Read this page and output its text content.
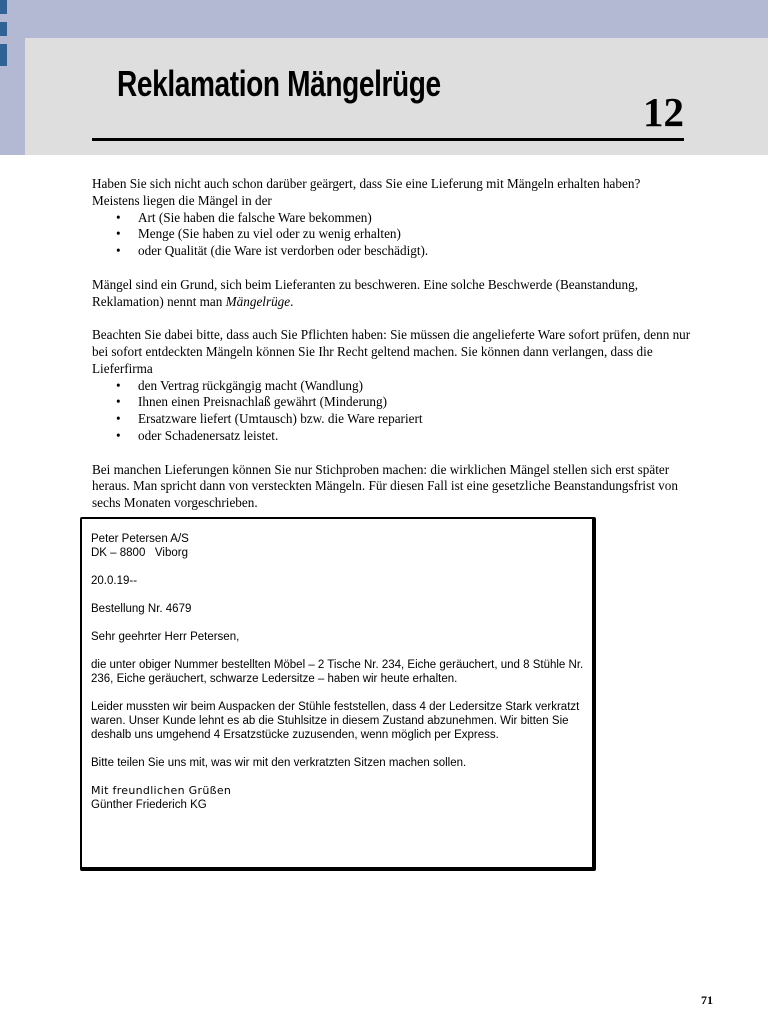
Reklamation Mängelrüge
12

Haben Sie sich nicht auch schon darüber geärgert, dass Sie eine Lieferung mit Mängeln erhalten haben?
Meistens liegen die Mängel in der

• Art (Sie haben die falsche Ware bekommen)
• Menge (Sie haben zu viel oder zu wenig erhalten)
• oder Qualität (die Ware ist verdorben oder beschädigt).

Mängel sind ein Grund, sich beim Lieferanten zu beschweren. Eine solche Beschwerde (Beanstandung, Reklamation) nennt man Mängelrüge.

Beachten Sie dabei bitte, dass auch Sie Pflichten haben: Sie müssen die angelieferte Ware sofort prüfen, denn nur bei sofort entdeckten Mängeln können Sie Ihr Recht geltend machen. Sie können dann verlangen, dass die Lieferfirma

• den Vertrag rückgängig macht (Wandlung)
• Ihnen einen Preisnachlaß gewährt (Minderung)
• Ersatzware liefert (Umtausch) bzw. die Ware repariert
• oder Schadenersatz leistet.

Bei manchen Lieferungen können Sie nur Stichproben machen: die wirklichen Mängel stellen sich erst später heraus. Man spricht dann von versteckten Mängeln. Für diesen Fall ist eine gesetzliche Beanstandungsfrist von sechs Monaten vorgeschrieben.

Peter Petersen A/S
DK – 8800   Viborg

20.0.19--

Bestellung Nr. 4679

Sehr geehrter Herr Petersen,

die unter obiger Nummer bestellten Möbel – 2 Tische Nr. 234, Eiche geräuchert, und 8 Stühle Nr. 236, Eiche geräuchert, schwarze Ledersitze – haben wir heute erhalten.

Leider mussten wir beim Auspacken der Stühle feststellen, dass 4 der Ledersitze Stark verkratzt waren. Unser Kunde lehnt es ab die Stuhlsitze in diesem Zustand abzunehmen. Wir bitten Sie deshalb uns umgehend 4 Ersatzstücke zuzusenden, wenn möglich per Express.

Bitte teilen Sie uns mit, was wir mit den verkratzten Sitzen machen sollen.

Mit freundlichen Grüßen
Günther Friederich KG

71
